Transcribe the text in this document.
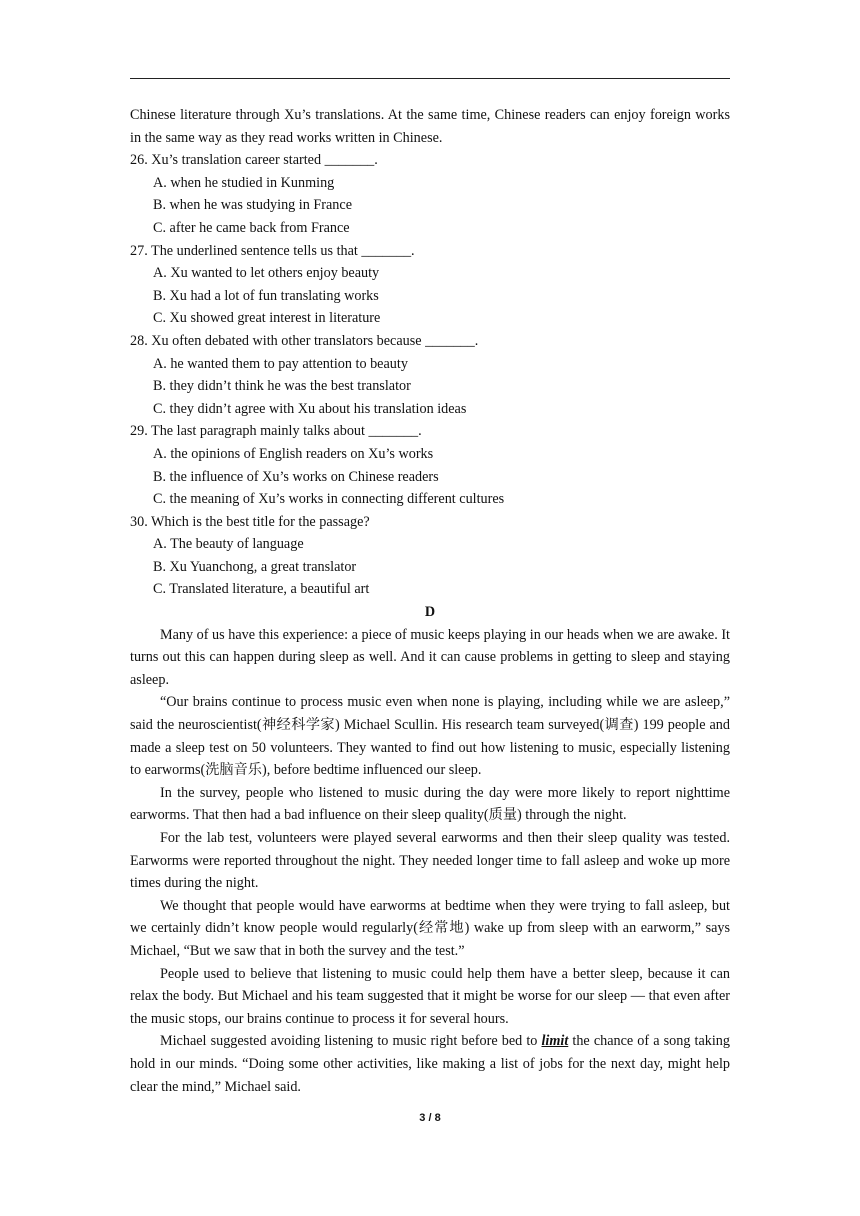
Chinese literature through Xu’s translations. At the same time, Chinese readers can enjoy foreign works in the same way as they read works written in Chinese.

26. Xu’s translation career started _______.

A. when he studied in Kunming

B. when he was studying in France

C. after he came back from France

27. The underlined sentence tells us that _______.

A. Xu wanted to let others enjoy beauty

B. Xu had a lot of fun translating works

C. Xu showed great interest in literature

28. Xu often debated with other translators because _______.

A. he wanted them to pay attention to beauty

B. they didn’t think he was the best translator

C. they didn’t agree with Xu about his translation ideas

29. The last paragraph mainly talks about _______.

A. the opinions of English readers on Xu’s works

B. the influence of Xu’s works on Chinese readers

C. the meaning of Xu’s works in connecting different cultures

30. Which is the best title for the passage?

A. The beauty of language

B. Xu Yuanchong, a great translator

C. Translated literature, a beautiful art

D

Many of us have this experience: a piece of music keeps playing in our heads when we are awake. It turns out this can happen during sleep as well. And it can cause problems in getting to sleep and staying asleep.

“Our brains continue to process music even when none is playing, including while we are asleep,” said the neuroscientist(神经科学家) Michael Scullin. His research team surveyed(调查) 199 people and made a sleep test on 50 volunteers. They wanted to find out how listening to music, especially listening to earworms(洗脑音乐), before bedtime influenced our sleep.

In the survey, people who listened to music during the day were more likely to report nighttime earworms. That then had a bad influence on their sleep quality(质量) through the night.

For the lab test, volunteers were played several earworms and then their sleep quality was tested. Earworms were reported throughout the night. They needed longer time to fall asleep and woke up more times during the night.

We thought that people would have earworms at bedtime when they were trying to fall asleep, but we certainly didn’t know people would regularly(经常地) wake up from sleep with an earworm,” says Michael, “But we saw that in both the survey and the test.”

People used to believe that listening to music could help them have a better sleep, because it can relax the body. But Michael and his team suggested that it might be worse for our sleep — that even after the music stops, our brains continue to process it for several hours.

Michael suggested avoiding listening to music right before bed to limit the chance of a song taking hold in our minds. “Doing some other activities, like making a list of jobs for the next day, might help clear the mind,” Michael said.

3 / 8
